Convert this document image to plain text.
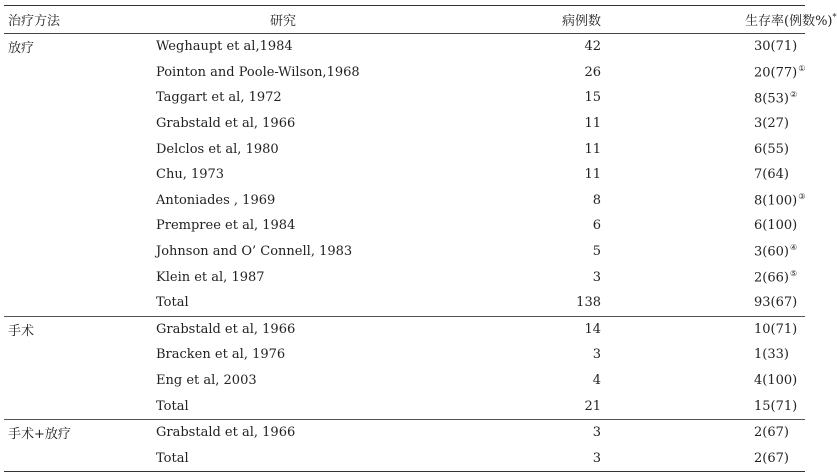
治疗方法	研究	病例数	生存率(例数%)*
放疗	Weghaupt et al,1984	42	30(71)
	Pointon and Poole-Wilson,1968	26	20(77)①
	Taggart et al, 1972	15	8(53)②
	Grabstald et al, 1966	11	3(27)
	Delclos et al, 1980	11	6(55)
	Chu, 1973	11	7(64)
	Antoniades , 1969	8	8(100)③
	Prempree et al, 1984	6	6(100)
	Johnson and O’ Connell, 1983	5	3(60)④
	Klein et al, 1987	3	2(66)⑤
	Total	138	93(67)
手术	Grabstald et al, 1966	14	10(71)
	Bracken et al, 1976	3	1(33)
	Eng et al, 2003	4	4(100)
	Total	21	15(71)
手术+放疗	Grabstald et al, 1966	3	2(67)
	Total	3	2(67)
